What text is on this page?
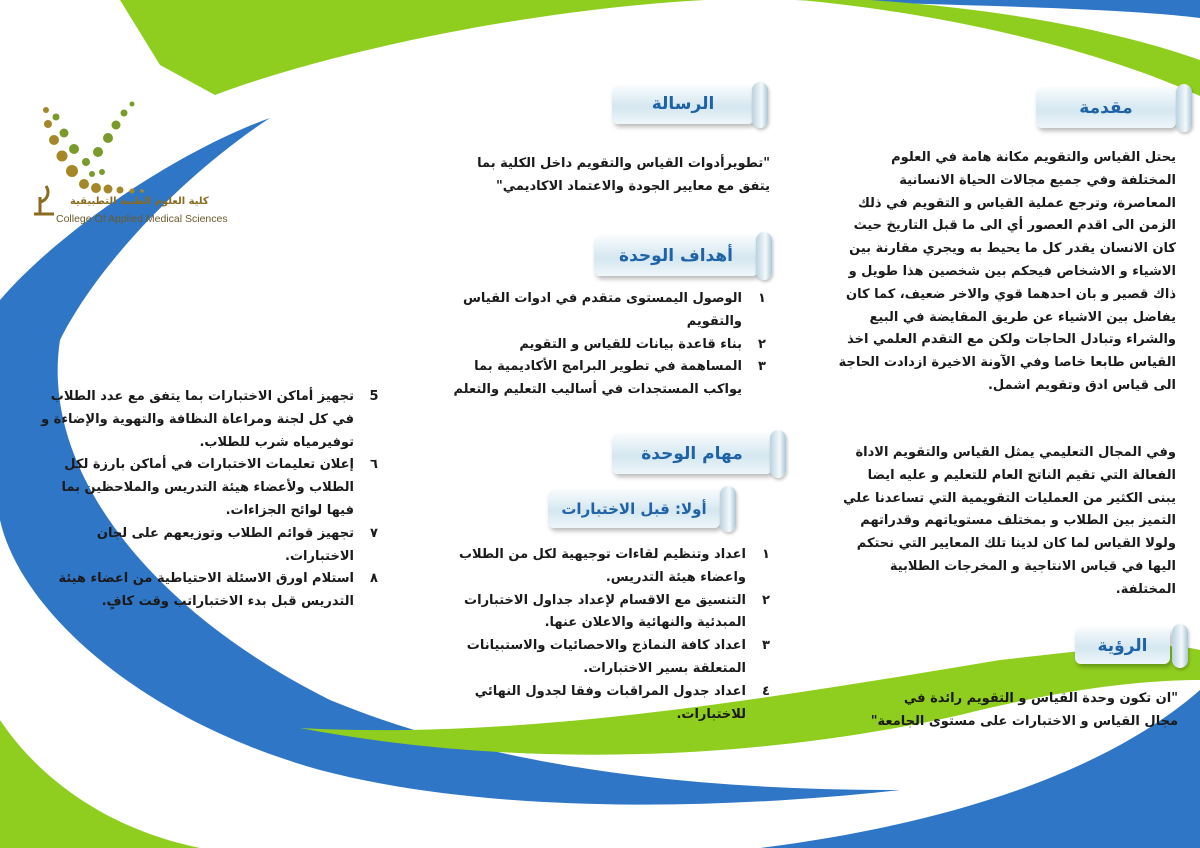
كلية العلوم الطبية التطبيقية
College Of Applied Medical Sciences
مقدمة
يحتل القياس والتقويم مكانة هامة في العلوم المختلفة وفي جميع مجالات الحياة الانسانية المعاصرة، وترجع عملية القياس و التقويم في ذلك الزمن الى اقدم العصور أي الى ما قبل التاريخ حيث كان الانسان يقدر كل ما يحيط به ويجري مقارنة بين الاشياء و الاشخاص فيحكم بين شخصين هذا طويل و ذاك قصير و بان احدهما قوي والاخر ضعيف، كما كان يفاضل بين الاشياء عن طريق المقايضة في البيع والشراء وتبادل الحاجات ولكن مع التقدم العلمي اخذ القياس طابعا خاصا وفي الآونة الاخيرة ازدادت الحاجة الى قياس ادق وتقويم اشمل.
وفي المجال التعليمي يمثل القياس والتقويم الاداة الفعالة التي تقيم الناتج العام للتعليم و عليه ايضا يبنى الكثير من العمليات التقويمية التي تساعدنا علي التميز بين الطلاب و بمختلف مستوياتهم وقدراتهم ولولا القياس لما كان لدينا تلك المعايير التي نحتكم اليها في قياس الانتاجية و المخرجات الطلابية المختلفة.
الرؤية
"ان تكون وحدة القياس و التقويم رائدة في مجال القياس و الاختبارات على مستوى الجامعة"
الرسالة
"تطويرأدوات القياس والتقويم داخل الكلية بما يتفق مع معايير الجودة والاعتماد الاكاديمي"
أهداف الوحدة
١
الوصول اليمستوى متقدم في ادوات القياس والتقويم
٢
بناء قاعدة بيانات للقياس و التقويم
٣
المساهمة في تطوير البرامج الأكاديمية بما يواكب المستجدات في أساليب التعليم والتعلم
مهام الوحدة
أولا: قبل الاختبارات
١
اعداد وتنظيم لقاءات توجيهية لكل من الطلاب واعضاء هيئة التدريس.
٢
التنسيق مع الاقسام لإعداد جداول الاختبارات المبدئية والنهائية والاعلان عنها.
٣
اعداد كافة النماذج والاحصائيات والاستبيانات المتعلقة بسير الاختبارات.
٤
اعداد جدول المراقبات وفقا لجدول النهائي للاختبارات.
5
تجهيز أماكن الاختبارات بما يتفق مع عدد الطلاب في كل لجنة ومراعاة النظافة والتهوية والإضاءة و توفيرمياه شرب للطلاب.
٦
إعلان تعليمات الاختبارات في أماكن بارزة لكل الطلاب ولأعضاء هيئة التدريس والملاحظين بما فيها لوائح الجزاءات.
٧
تجهيز قوائم الطلاب وتوزيعهم على لجان الاختبارات.
٨
استلام اورق الاسئلة الاحتياطية من اعضاء هيئة التدريس قبل بدء الاختباراتب وقت كافٍ.
